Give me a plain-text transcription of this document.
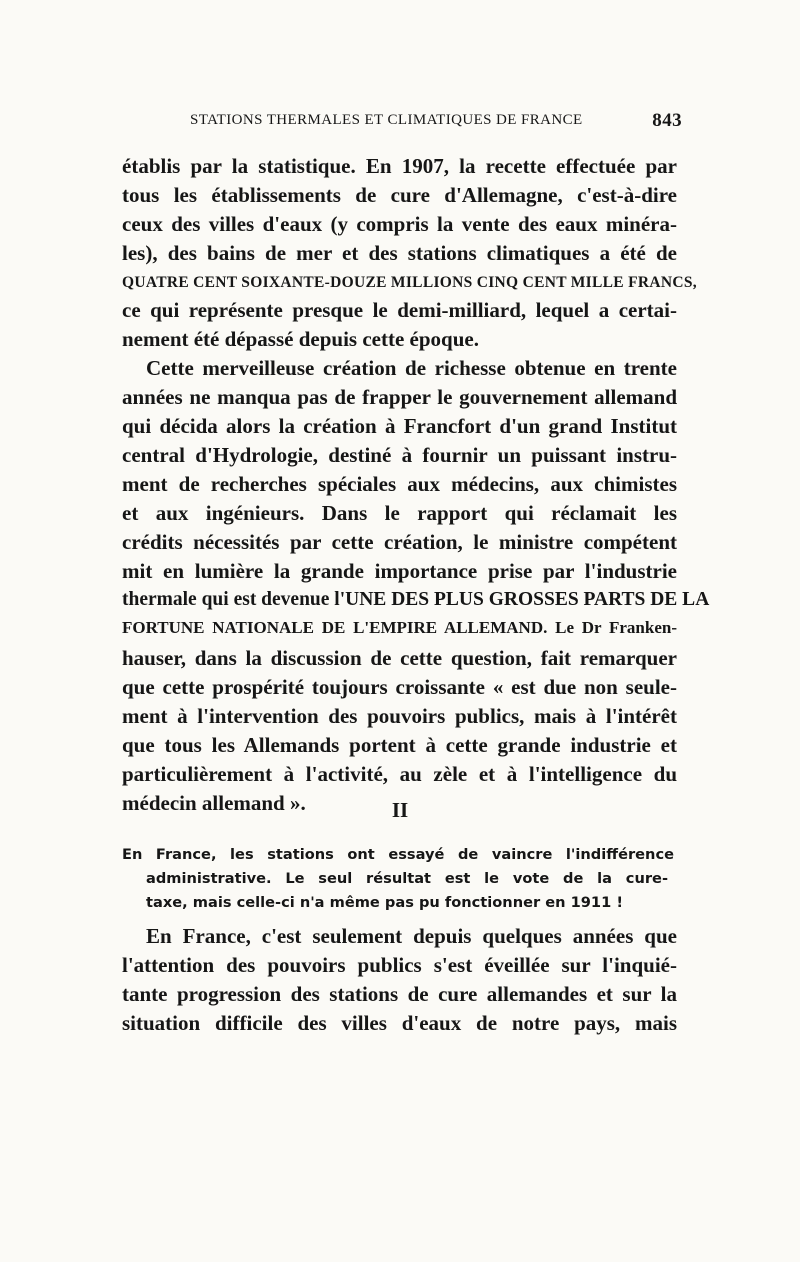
STATIONS THERMALES ET CLIMATIQUES DE FRANCE	843
établis par la statistique. En 1907, la recette effectuée par
tous les établissements de cure d'Allemagne, c'est-à-dire
ceux des villes d'eaux (y compris la vente des eaux minéra-
les), des bains de mer et des stations climatiques a été de
QUATRE CENT SOIXANTE-DOUZE MILLIONS CINQ CENT MILLE FRANCS,
ce qui représente presque le demi-milliard, lequel a certai-
nement été dépassé depuis cette époque.
Cette merveilleuse création de richesse obtenue en trente
années ne manqua pas de frapper le gouvernement allemand
qui décida alors la création à Francfort d'un grand Institut
central d'Hydrologie, destiné à fournir un puissant instru-
ment de recherches spéciales aux médecins, aux chimistes
et aux ingénieurs. Dans le rapport qui réclamait les
crédits nécessités par cette création, le ministre compétent
mit en lumière la grande importance prise par l'industrie
thermale qui est devenue l'UNE DES PLUS GROSSES PARTS DE LA
FORTUNE NATIONALE DE L'EMPIRE ALLEMAND. Le Dr Franken-
hauser, dans la discussion de cette question, fait remarquer
que cette prospérité toujours croissante « est due non seule-
ment à l'intervention des pouvoirs publics, mais à l'intérêt
que tous les Allemands portent à cette grande industrie et
particulièrement à l'activité, au zèle et à l'intelligence du
médecin allemand ».	II
En France, les stations ont essayé de vaincre l'indifférence
administrative. Le seul résultat est le vote de la cure-
taxe, mais celle-ci n'a même pas pu fonctionner en 1911 !
En France, c'est seulement depuis quelques années que
l'attention des pouvoirs publics s'est éveillée sur l'inquié-
tante progression des stations de cure allemandes et sur la
situation difficile des villes d'eaux de notre pays, mais
